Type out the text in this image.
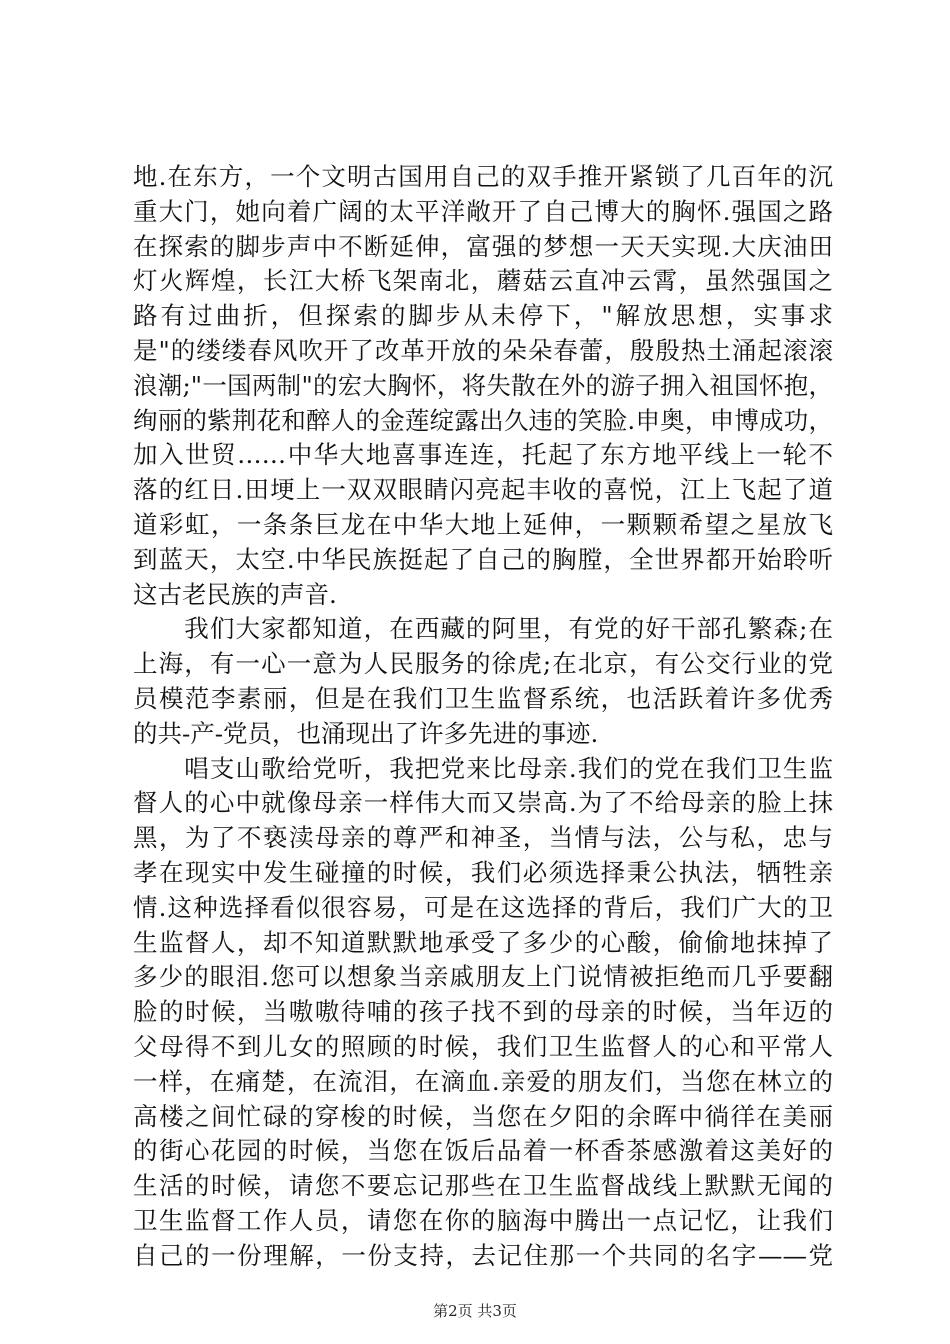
地.在东方，一个文明古国用自己的双手推开紧锁了几百年的沉
重大门，她向着广阔的太平洋敞开了自己博大的胸怀.强国之路
在探索的脚步声中不断延伸，富强的梦想一天天实现.大庆油田
灯火辉煌，长江大桥飞架南北，蘑菇云直冲云霄，虽然强国之
路有过曲折，但探索的脚步从未停下，"解放思想，实事求
是"的缕缕春风吹开了改革开放的朵朵春蕾，殷殷热土涌起滚滚
浪潮;"一国两制"的宏大胸怀，将失散在外的游子拥入祖国怀抱，
绚丽的紫荆花和醉人的金莲绽露出久违的笑脸.申奥，申博成功，
加入世贸……中华大地喜事连连，托起了东方地平线上一轮不
落的红日.田埂上一双双眼睛闪亮起丰收的喜悦，江上飞起了道
道彩虹，一条条巨龙在中华大地上延伸，一颗颗希望之星放飞
到蓝天，太空.中华民族挺起了自己的胸膛，全世界都开始聆听
这古老民族的声音.
　　我们大家都知道，在西藏的阿里，有党的好干部孔繁森;在
上海，有一心一意为人民服务的徐虎;在北京，有公交行业的党
员模范李素丽，但是在我们卫生监督系统，也活跃着许多优秀
的共-产-党员，也涌现出了许多先进的事迹.
　　唱支山歌给党听，我把党来比母亲.我们的党在我们卫生监
督人的心中就像母亲一样伟大而又崇高.为了不给母亲的脸上抹
黑，为了不亵渎母亲的尊严和神圣，当情与法，公与私，忠与
孝在现实中发生碰撞的时候，我们必须选择秉公执法，牺牲亲
情.这种选择看似很容易，可是在这选择的背后，我们广大的卫
生监督人，却不知道默默地承受了多少的心酸，偷偷地抹掉了
多少的眼泪.您可以想象当亲戚朋友上门说情被拒绝而几乎要翻
脸的时候，当嗷嗷待哺的孩子找不到的母亲的时候，当年迈的
父母得不到儿女的照顾的时候，我们卫生监督人的心和平常人
一样，在痛楚，在流泪，在滴血.亲爱的朋友们，当您在林立的
高楼之间忙碌的穿梭的时候，当您在夕阳的余晖中徜徉在美丽
的街心花园的时候，当您在饭后品着一杯香茶感激着这美好的
生活的时候，请您不要忘记那些在卫生监督战线上默默无闻的
卫生监督工作人员，请您在你的脑海中腾出一点记忆，让我们
自己的一份理解，一份支持，去记住那一个共同的名字——党
第2页 共3页
